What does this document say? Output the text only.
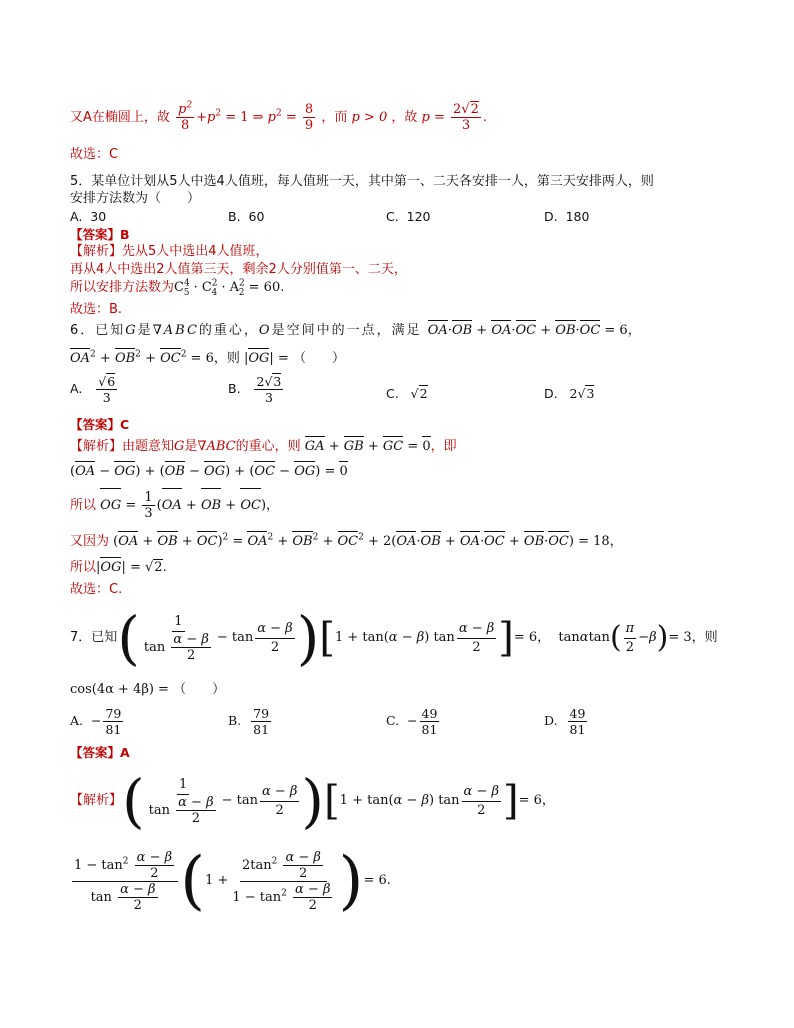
又A在椭圆上，故 $\frac{p^2}{8} +p^2 = 1$ ⇒ $p^2 = \frac{8}{9}$ ，而 p > 0 ，故 $p = \frac{2√2}{3}$ .
故选：C
5．某单位计划从5人中选4人值班，每人值班一天，其中第一、二天各安排一人，第三天安排两人，则
安排方法数为（　　）
A. 30	B. 60	C. 120	D. 180
【答案】B
【解析】先从5人中选出4人值班，
再从4人中选出2人值第三天，剩余2人分别值第一、二天，
所以安排方法数为$C^4_5 \cdot C^2_4 \cdot A^2_2 = 60$.
故选：B.
6．已知G是∇ABC的重心，O是空间中的一点，满足 OA·OB + OA·OC + OB·OC = 6，
$OA^2 + OB^2 + OC^2 = 6$，则 |OG| = （　　）
A. $\frac{√6}{3}$	B. $\frac{2√3}{3}$	C. √2	D. 2√3
【答案】C
【解析】由题意知G是∇ABC的重心，则 GA + GB + GC = 0，即
(OA − OG) + (OB − OG) + (OC − OG) = 0
所以 OG = $\frac{1}{3} (OA$ + OB + OC)，
又因为 (OA + OB + $OC)^2 = OA^2 + OB^2 + OC^2 + 2(OA\cdot OB + OA\cdot OC + OB\cdot OC) = 18$，
所以|OG| = √2.
故选：C.
7．已知 ( $\frac{1}{\tan \frac{\alpha - \beta}{2}} - \tan \frac{\alpha - \beta}{2}$ ) [ 1 + tan( α − β ) $\tan \frac{\alpha - \beta}{2}$ ] = 6，  tan α tan ( $\frac{\pi}{2} - \beta$ ) = 3 ，则
cos(4α + 4β) = （　　）
A. − $\frac{79}{81}$	B. $\frac{79}{81}$	C. − $\frac{49}{81}$	D. $\frac{49}{81}$
【答案】A
【解析】 ( $\frac{1}{\tan \frac{\alpha - \beta}{2}} - \tan \frac{\alpha - \beta}{2}$ ) [ 1 + tan( α − β ) $\tan \frac{\alpha - \beta}{2}$ ] = 6，
$\frac{1 - \tan^2 \frac{\alpha - \beta}{2}}{\tan \frac{\alpha - \beta}{2}}$ ( $1 + \frac{2\tan^2 \frac{\alpha - \beta}{2}}{1 - \tan^2 \frac{\alpha - \beta}{2}}$ ) = 6.
